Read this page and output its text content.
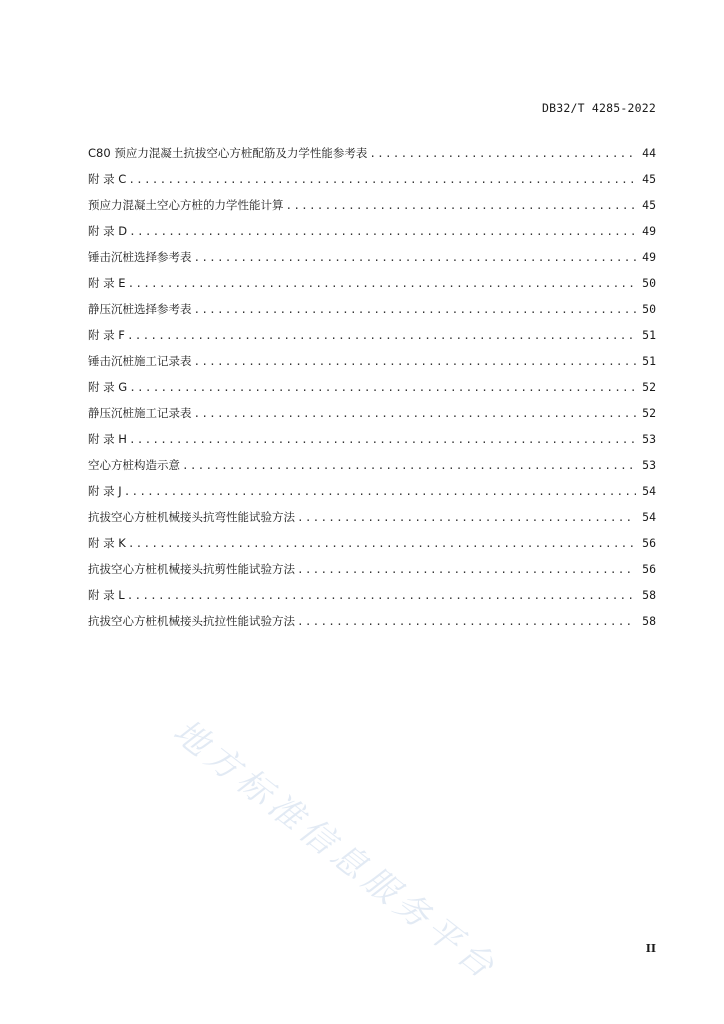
DB32/T 4285-2022
C80 预应力混凝土抗拔空心方桩配筋及力学性能参考表 .....	44
附 录 C .....	45
预应力混凝土空心方桩的力学性能计算 .....	45
附 录 D .....	49
锤击沉桩选择参考表 .....	49
附 录 E .....	50
静压沉桩选择参考表 .....	50
附 录 F .....	51
锤击沉桩施工记录表 .....	51
附 录 G .....	52
静压沉桩施工记录表 .....	52
附 录 H .....	53
空心方桩构造示意 .....	53
附 录 J .....	54
抗拔空心方桩机械接头抗弯性能试验方法 .....	54
附 录 K .....	56
抗拔空心方桩机械接头抗剪性能试验方法 .....	56
附 录 L .....	58
抗拔空心方桩机械接头抗拉性能试验方法 .....	58
地方标准信息服务平台	II
